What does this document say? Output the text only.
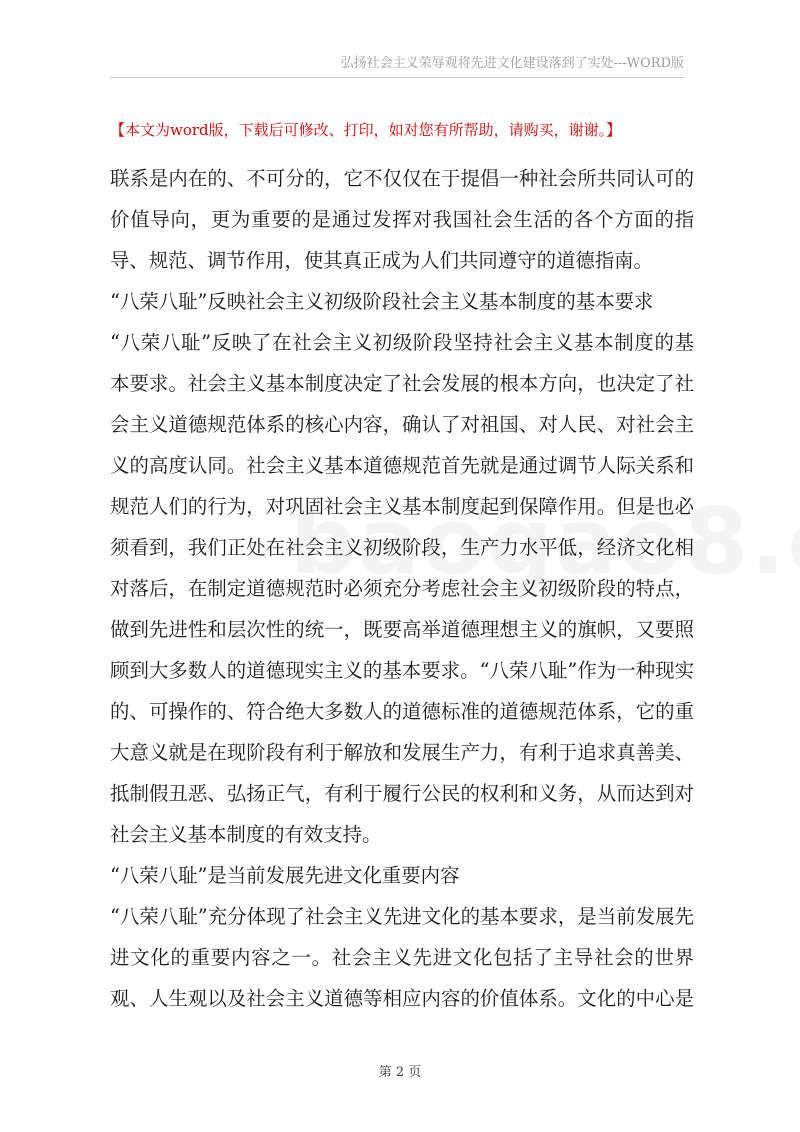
弘扬社会主义荣辱观将先进文化建设落到了实处---WORD版
【本文为word版，下载后可修改、打印，如对您有所帮助，请购买，谢谢。】
联系是内在的、不可分的，它不仅仅在于提倡一种社会所共同认可的
价值导向，更为重要的是通过发挥对我国社会生活的各个方面的指
导、规范、调节作用，使其真正成为人们共同遵守的道德指南。
“八荣八耻”反映社会主义初级阶段社会主义基本制度的基本要求
“八荣八耻”反映了在社会主义初级阶段坚持社会主义基本制度的基
本要求。社会主义基本制度决定了社会发展的根本方向，也决定了社
会主义道德规范体系的核心内容，确认了对祖国、对人民、对社会主
义的高度认同。社会主义基本道德规范首先就是通过调节人际关系和
规范人们的行为，对巩固社会主义基本制度起到保障作用。但是也必
须看到，我们正处在社会主义初级阶段，生产力水平低，经济文化相
对落后，在制定道德规范时必须充分考虑社会主义初级阶段的特点，
做到先进性和层次性的统一，既要高举道德理想主义的旗帜，又要照
顾到大多数人的道德现实主义的基本要求。“八荣八耻”作为一种现实
的、可操作的、符合绝大多数人的道德标准的道德规范体系，它的重
大意义就是在现阶段有利于解放和发展生产力，有利于追求真善美、
抵制假丑恶、弘扬正气，有利于履行公民的权利和义务，从而达到对
社会主义基本制度的有效支持。
“八荣八耻”是当前发展先进文化重要内容
“八荣八耻”充分体现了社会主义先进文化的基本要求，是当前发展先
进文化的重要内容之一。社会主义先进文化包括了主导社会的世界
观、人生观以及社会主义道德等相应内容的价值体系。文化的中心是
第 2 页
